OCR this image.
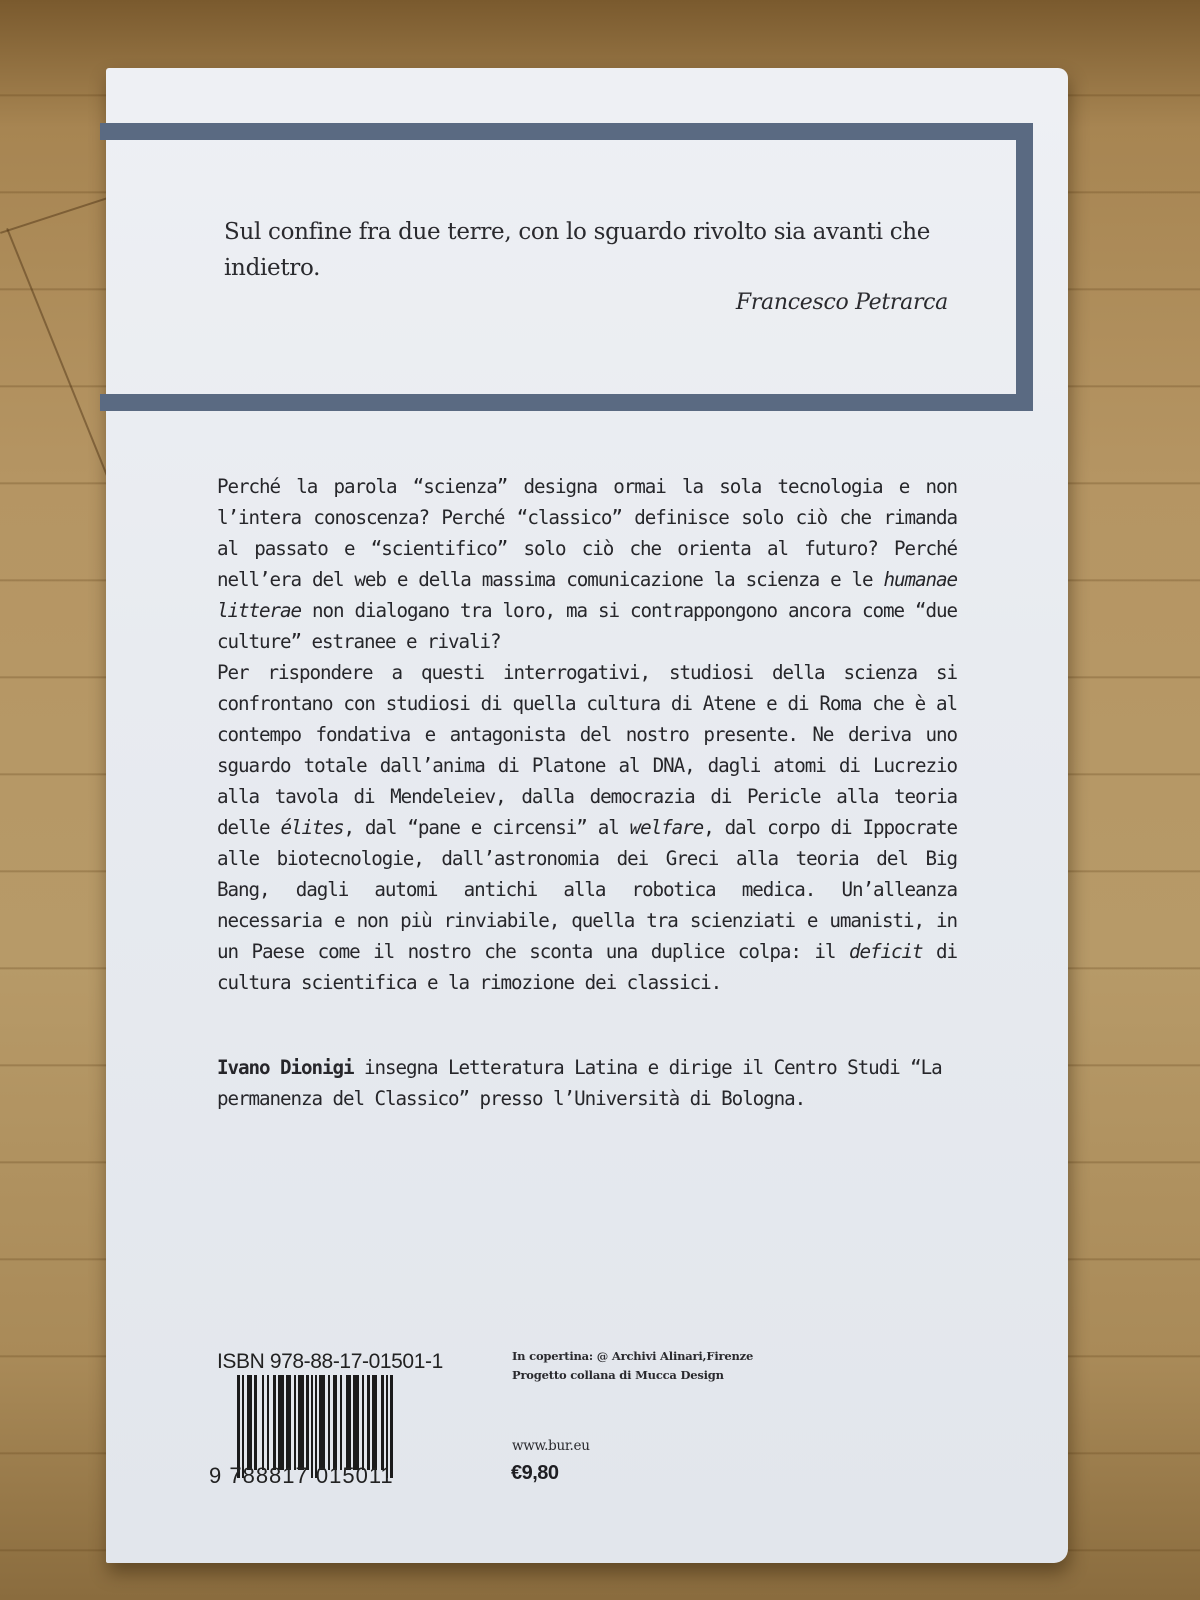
Sul confine fra due terre, con lo sguardo rivolto sia avanti che indietro.
Francesco Petrarca

Perché la parola “scienza” designa ormai la sola tecnologia e non l’intera conoscenza? Perché “classico” definisce solo ciò che rimanda al passato e “scientifico” solo ciò che orienta al futuro? Perché nell’era del web e della massima comunicazione la scienza e le humanae litterae non dialogano tra loro, ma si contrappongono ancora come “due culture” estranee e rivali?

Per rispondere a questi interrogativi, studiosi della scienza si confrontano con studiosi di quella cultura di Atene e di Roma che è al contempo fondativa e antagonista del nostro presente. Ne deriva uno sguardo totale dall’anima di Platone al DNA, dagli atomi di Lucrezio alla tavola di Mendeleiev, dalla democrazia di Pericle alla teoria delle élites, dal “pane e circensi” al welfare, dal corpo di Ippocrate alle biotecnologie, dall’astronomia dei Greci alla teoria del Big Bang, dagli automi antichi alla robotica medica. Un’alleanza necessaria e non più rinviabile, quella tra scienziati e umanisti, in un Paese come il nostro che sconta una duplice colpa: il deficit di cultura scientifica e la rimozione dei classici.

Ivano Dionigi insegna Letteratura Latina e dirige il Centro Studi “La permanenza del Classico” presso l’Università di Bologna.
ISBN 978-88-17-01501-1
9 788817 015011
In copertina: @ Archivi Alinari,Firenze
Progetto collana di Mucca Design
www.bur.eu
€9,80
